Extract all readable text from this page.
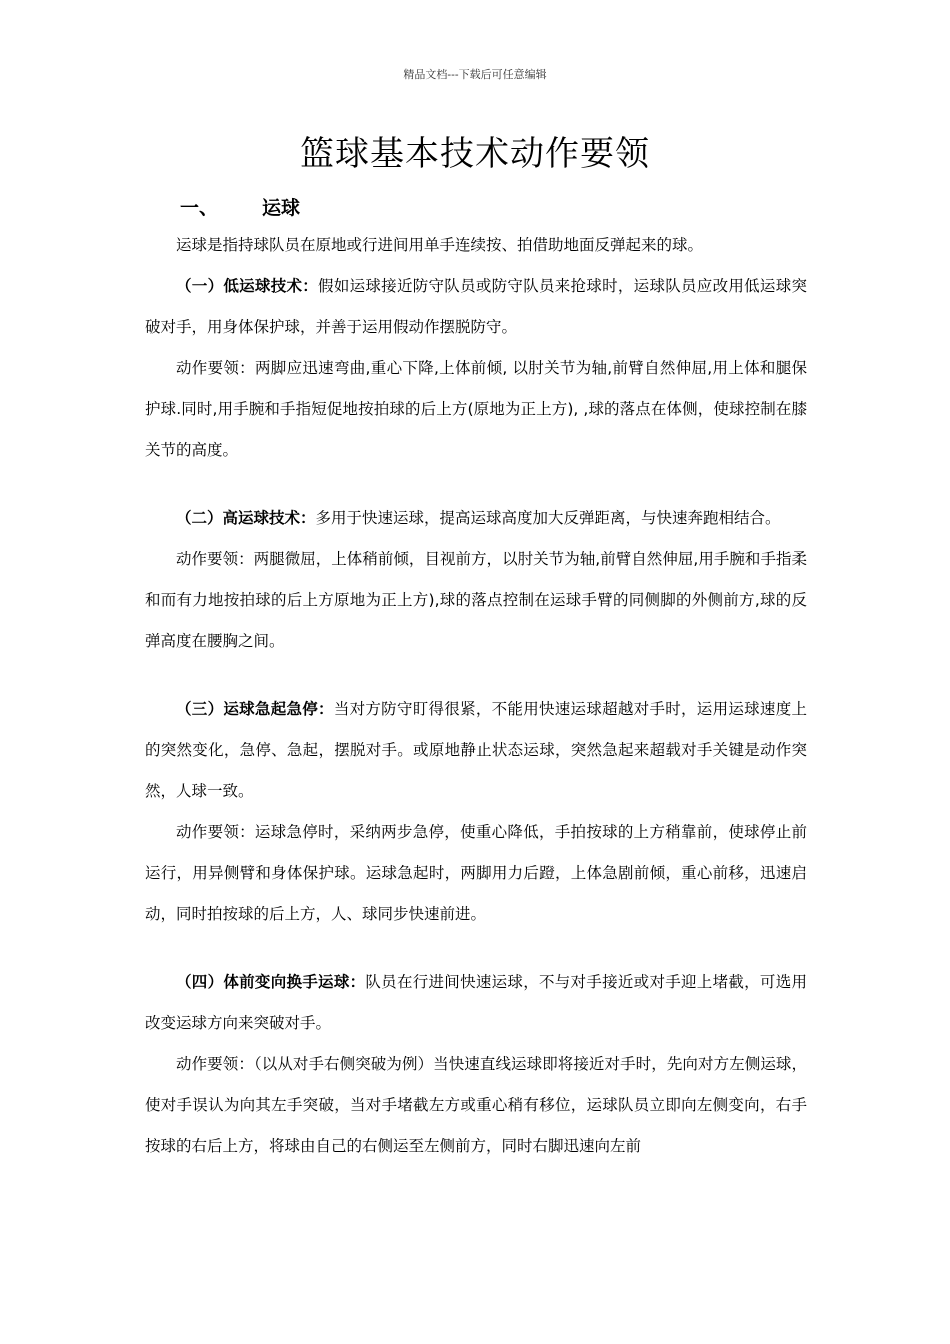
精品文档---下载后可任意编辑
篮球基本技术动作要领
一、 运球

运球是指持球队员在原地或行进间用单手连续按、拍借助地面反弹起来的球。

（一）低运球技术：假如运球接近防守队员或防守队员来抢球时，运球队员应改用低运球突破对手，用身体保护球，并善于运用假动作摆脱防守。

动作要领：两脚应迅速弯曲,重心下降,上体前倾, 以肘关节为轴,前臂自然伸屈,用上体和腿保护球.同时,用手腕和手指短促地按拍球的后上方(原地为正上方), ,球的落点在体侧，使球控制在膝关节的高度。

（二）高运球技术：多用于快速运球，提高运球高度加大反弹距离，与快速奔跑相结合。

动作要领：两腿微屈，上体稍前倾，目视前方，以肘关节为轴,前臂自然伸屈,用手腕和手指柔和而有力地按拍球的后上方原地为正上方),球的落点控制在运球手臂的同侧脚的外侧前方,球的反弹高度在腰胸之间。

（三）运球急起急停：当对方防守盯得很紧，不能用快速运球超越对手时，运用运球速度上的突然变化，急停、急起，摆脱对手。或原地静止状态运球，突然急起来超载对手关键是动作突然，人球一致。

动作要领：运球急停时，采纳两步急停，使重心降低，手拍按球的上方稍靠前，使球停止前运行，用异侧臂和身体保护球。运球急起时，两脚用力后蹬，上体急剧前倾，重心前移，迅速启动，同时拍按球的后上方，人、球同步快速前进。

（四）体前变向换手运球：队员在行进间快速运球，不与对手接近或对手迎上堵截，可选用改变运球方向来突破对手。

动作要领：（以从对手右侧突破为例）当快速直线运球即将接近对手时，先向对方左侧运球，使对手误认为向其左手突破，当对手堵截左方或重心稍有移位，运球队员立即向左侧变向，右手按球的右后上方，将球由自己的右侧运至左侧前方，同时右脚迅速向左前
